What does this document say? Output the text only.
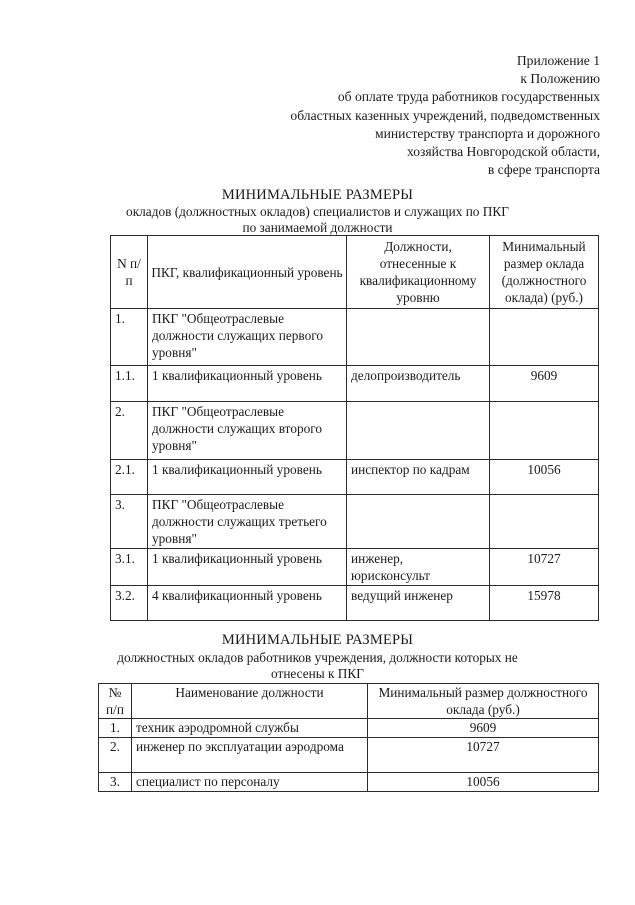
Приложение 1
к Положению
об оплате труда работников государственных
областных казенных учреждений, подведомственных
министерству транспорта и дорожного
хозяйства Новгородской области,
в сфере транспорта
МИНИМАЛЬНЫЕ РАЗМЕРЫ
окладов (должностных окладов) специалистов и служащих по ПКГ
по занимаемой должности
N п/п	ПКГ, квалификационный уровень	Должности, отнесенные к квалификационному уровню	Минимальный размер оклада (должностного оклада) (руб.)
1.	ПКГ "Общеотраслевые должности служащих первого уровня"		
1.1.	1 квалификационный уровень	делопроизводитель	9609
2.	ПКГ "Общеотраслевые должности служащих второго уровня"		
2.1.	1 квалификационный уровень	инспектор по кадрам	10056
3.	ПКГ "Общеотраслевые должности служащих третьего уровня"		
3.1.	1 квалификационный уровень	инженер, юрисконсульт	10727
3.2.	4 квалификационный уровень	ведущий инженер	15978
МИНИМАЛЬНЫЕ РАЗМЕРЫ
должностных окладов работников учреждения, должности которых не
отнесены к ПКГ
№ п/п	Наименование должности	Минимальный размер должностного оклада (руб.)
1.	техник аэродромной службы	9609
2.	инженер по эксплуатации аэродрома	10727
3.	специалист по персоналу	10056
